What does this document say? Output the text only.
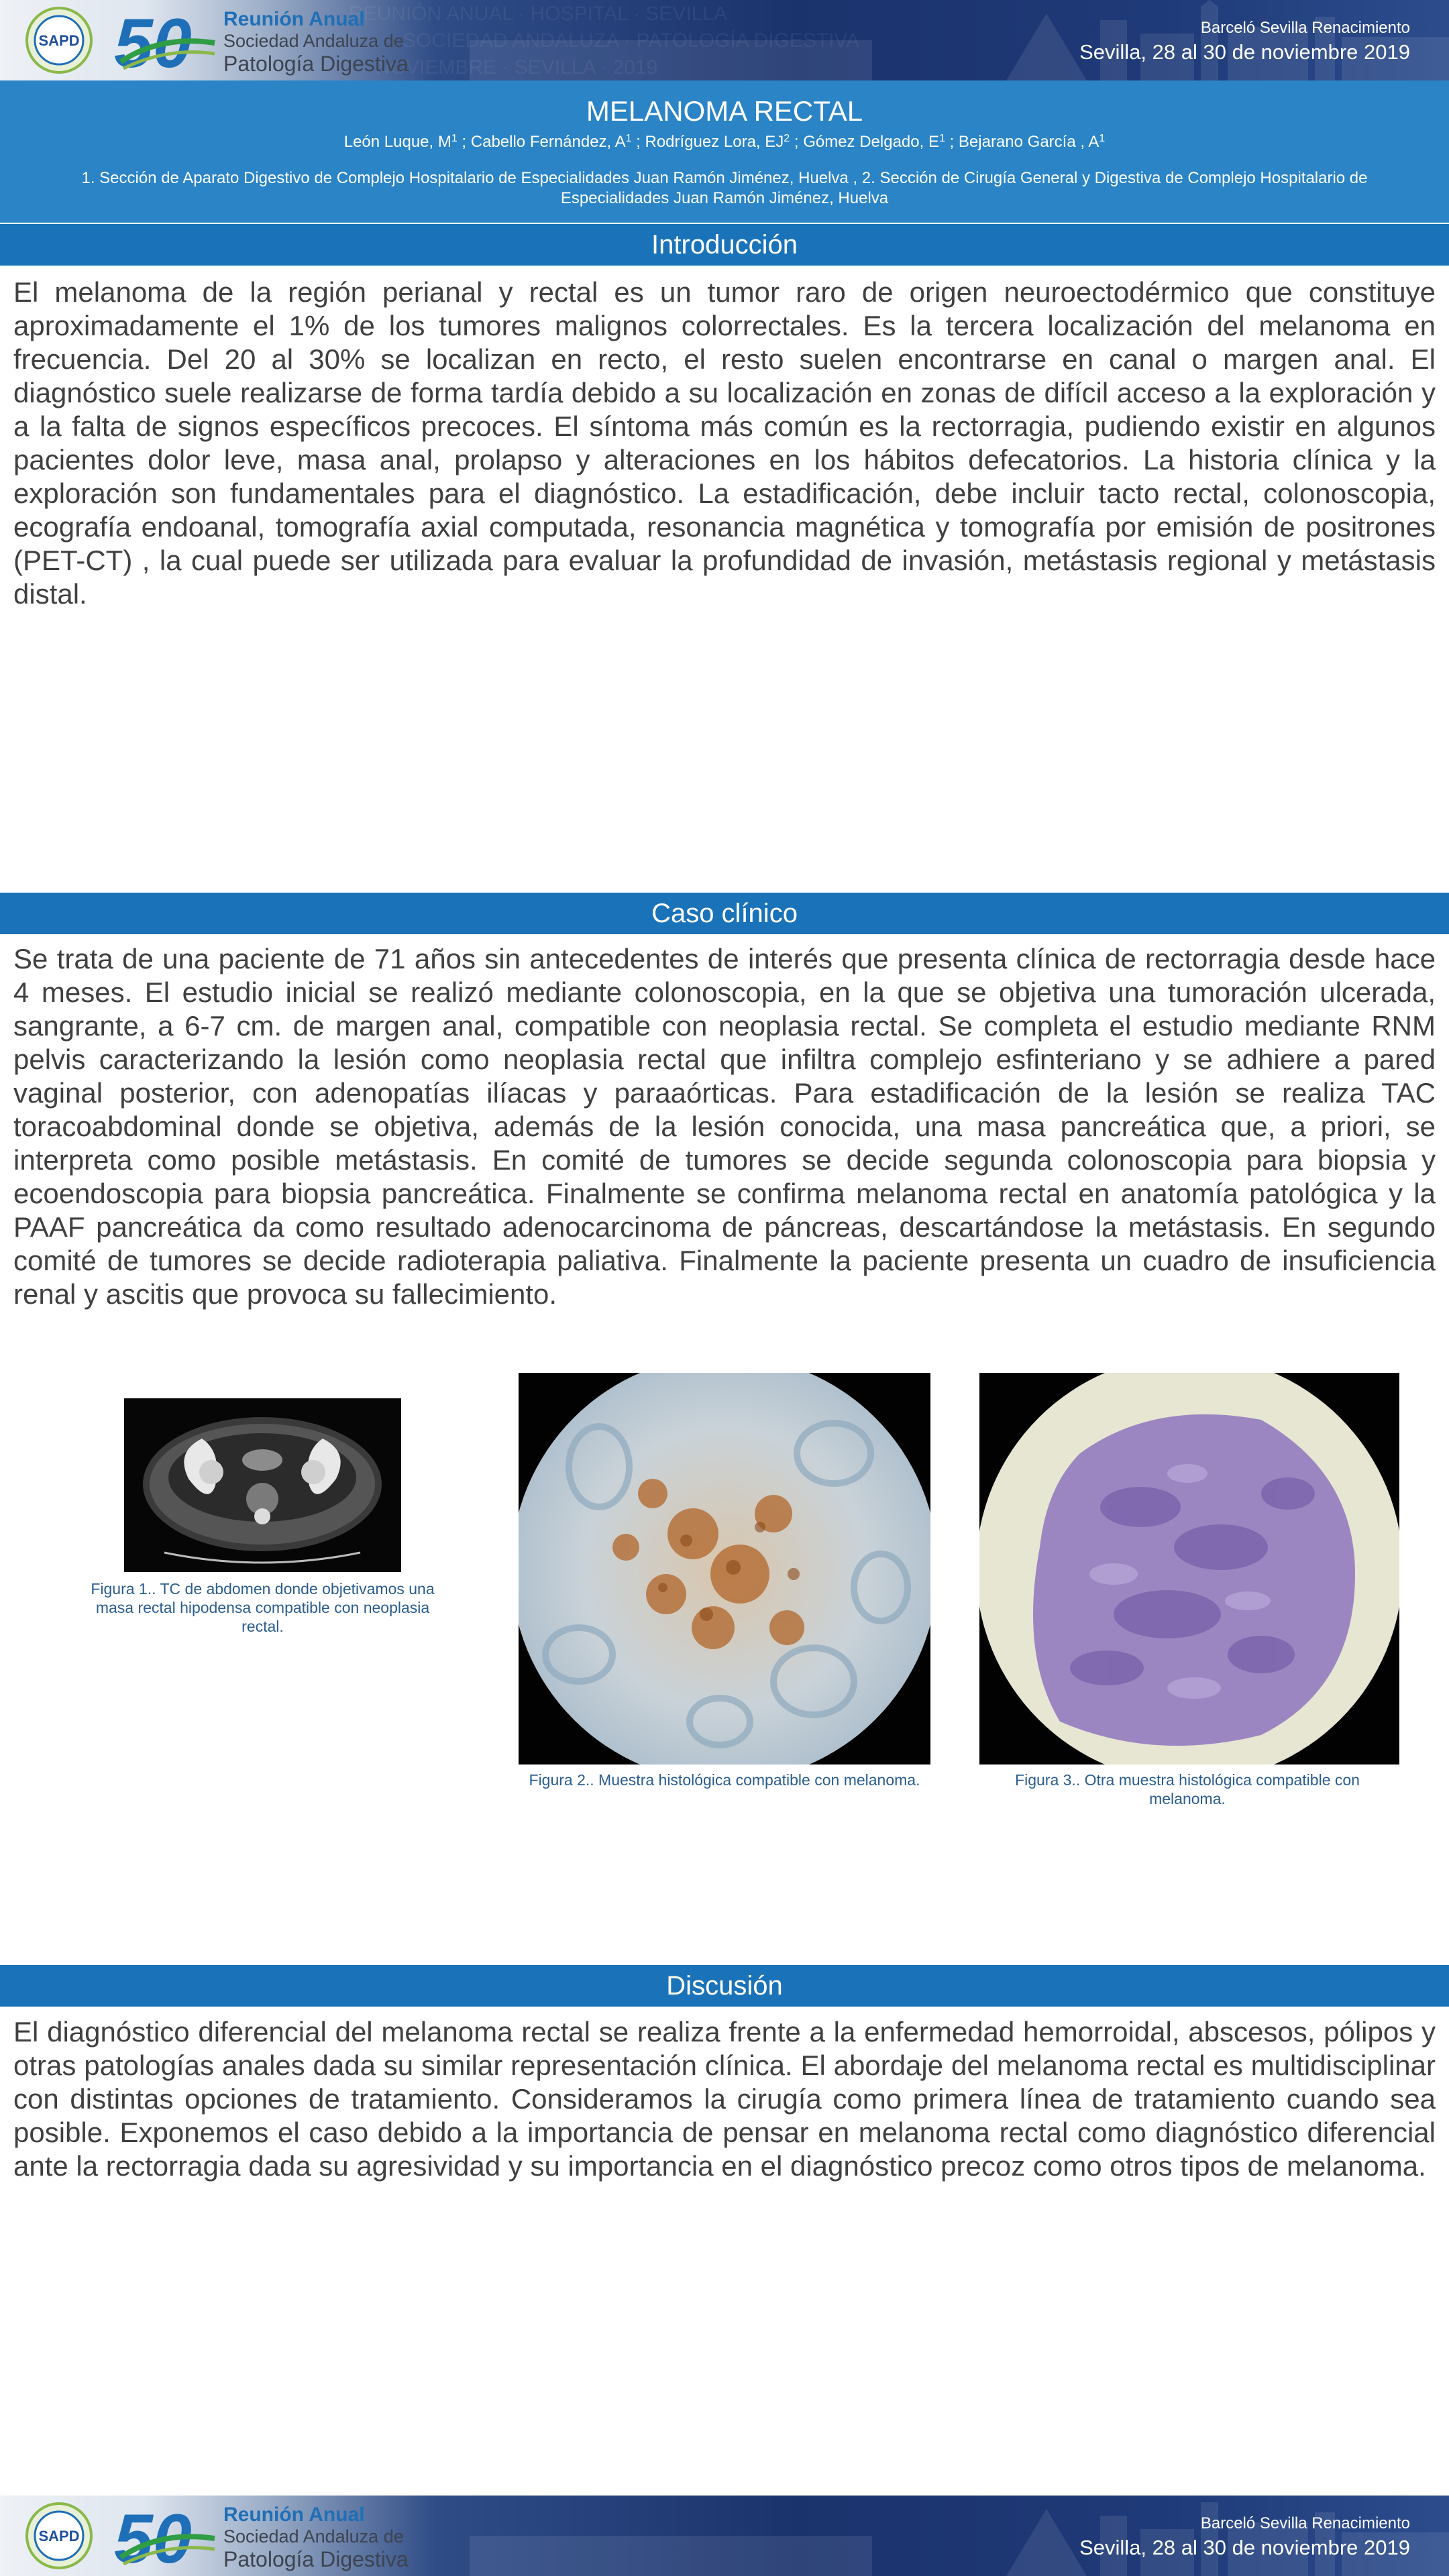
REUNIÓN ANUAL · HOSPITAL · SEVILLA
SOCIEDAD ANDALUZA · PATOLOGÍA DIGESTIVA
NOVIEMBRE · SEVILLA · 2019
SAPD 50 Reunión Anual
Sociedad Andaluza de
Patología Digestiva
Barceló Sevilla Renacimiento
Sevilla, 28 al 30 de noviembre 2019
MELANOMA RECTAL
León Luque, $M^1$ ; Cabello Fernández, $A^1$ ; Rodríguez Lora, $EJ^2$ ; Gómez Delgado, $E^1$ ; Bejarano García , $A^1$
1. Sección de Aparato Digestivo de Complejo Hospitalario de Especialidades Juan Ramón Jiménez, Huelva , 2. Sección de Cirugía General y Digestiva de Complejo Hospitalario de Especialidades Juan Ramón Jiménez, Huelva
Introducción

El melanoma de la región perianal y rectal es un tumor raro de origen neuroectodérmico que constituye aproximadamente el 1% de los tumores malignos colorrectales. Es la tercera localización del melanoma en frecuencia. Del 20 al 30% se localizan en recto, el resto suelen encontrarse en canal o margen anal. El diagnóstico suele realizarse de forma tardía debido a su localización en zonas de difícil acceso a la exploración y a la falta de signos específicos precoces. El síntoma más común es la rectorragia, pudiendo existir en algunos pacientes dolor leve, masa anal, prolapso y alteraciones en los hábitos defecatorios. La historia clínica y la exploración son fundamentales para el diagnóstico. La estadificación, debe incluir tacto rectal, colonoscopia, ecografía endoanal, tomografía axial computada, resonancia magnética y tomografía por emisión de positrones (PET-CT) , la cual puede ser utilizada para evaluar la profundidad de invasión, metástasis regional y metástasis distal.

Caso clínico

Se trata de una paciente de 71 años sin antecedentes de interés que presenta clínica de rectorragia desde hace 4 meses. El estudio inicial se realizó mediante colonoscopia, en la que se objetiva una tumoración ulcerada, sangrante, a 6-7 cm. de margen anal, compatible con neoplasia rectal. Se completa el estudio mediante RNM pelvis caracterizando la lesión como neoplasia rectal que infiltra complejo esfinteriano y se adhiere a pared vaginal posterior, con adenopatías ilíacas y paraaórticas. Para estadificación de la lesión se realiza TAC toracoabdominal donde se objetiva, además de la lesión conocida, una masa pancreática que, a priori, se interpreta como posible metástasis. En comité de tumores se decide segunda colonoscopia para biopsia y ecoendoscopia para biopsia pancreática. Finalmente se confirma melanoma rectal en anatomía patológica y la PAAF pancreática da como resultado adenocarcinoma de páncreas, descartándose la metástasis. En segundo comité de tumores se decide radioterapia paliativa. Finalmente la paciente presenta un cuadro de insuficiencia renal y ascitis que provoca su fallecimiento.

Figura 1.. TC de abdomen donde objetivamos una masa rectal hipodensa compatible con neoplasia rectal.
Figura 2.. Muestra histológica compatible con melanoma.	Figura 3.. Otra muestra histológica compatible con melanoma.
Discusión

El diagnóstico diferencial del melanoma rectal se realiza frente a la enfermedad hemorroidal, abscesos, pólipos y otras patologías anales dada su similar representación clínica. El abordaje del melanoma rectal es multidisciplinar con distintas opciones de tratamiento. Consideramos la cirugía como primera línea de tratamiento cuando sea posible. Exponemos el caso debido a la importancia de pensar en melanoma rectal como diagnóstico diferencial ante la rectorragia dada su agresividad y su importancia en el diagnóstico precoz como otros tipos de melanoma.

SAPD 50 Reunión Anual
Sociedad Andaluza de
Patología Digestiva
Barceló Sevilla Renacimiento
Sevilla, 28 al 30 de noviembre 2019
